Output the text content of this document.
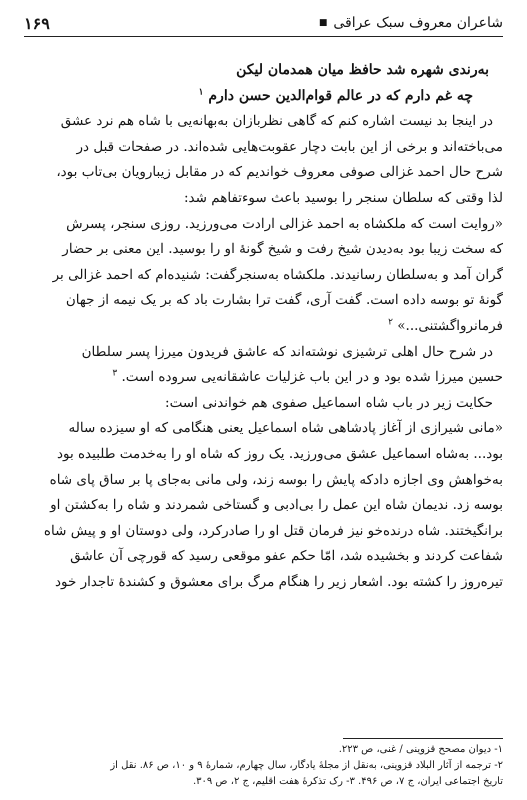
شاعران معروف سبک عراقی
■
۱۶۹
به‌رندی شهره شد حافظ میان همدمان لیکن
چه غم دارم که در عالم قوام‌الدین حسن دارم $^۱$
در اینجا بد نیست اشاره کنم که گاهی نظربازان به‌بهانه‌یی با شاه هم نرد عشق
می‌باخته‌اند و برخی از این بابت دچار عقوبت‌هایی شده‌اند. در صفحات قبل در
شرح حال احمد غزالی صوفی معروف خواندیم که در مقابل زیبارویان بی‌تاب بود،
لذا وقتی که سلطان سنجر را بوسید باعث سوءتفاهم شد:
«روایت است که ملکشاه به احمد غزالی ارادت می‌ورزید. روزی سنجر، پسرش
که سخت زیبا بود به‌دیدن شیخ رفت و شیخ گونهٔ او را بوسید. این معنی بر حضار
گران آمد و به‌سلطان رسانیدند. ملکشاه به‌سنجرگفت: شنیده‌ام که احمد غزالی بر
گونهٔ تو بوسه داده است. گفت آری، گفت ترا بشارت باد که بر یک نیمه از جهان
فرمانرواگشتنی...» $^۲$
در شرح حال اهلی ترشیزی نوشته‌اند که عاشق فریدون میرزا پسر سلطان
حسین میرزا شده بود و در این باب غزلیات عاشقانه‌یی سروده است. $^۳$
حکایت زیر در باب شاه اسماعیل صفوی هم خواندنی است:
«مانی شیرازی از آغاز پادشاهی شاه اسماعیل یعنی هنگامی که او سیزده ساله
بود... به‌شاه اسماعیل عشق می‌ورزید. یک روز که شاه او را به‌خدمت طلبیده بود
به‌خواهش وی اجازه دادکه پایش را بوسه زند، ولی مانی به‌جای پا بر ساق پای شاه
بوسه زد. ندیمان شاه این عمل را بی‌ادبی و گستاخی شمردند و شاه را به‌کشتن او
برانگیختند. شاه درنده‌خو نیز فرمان قتل او را صادرکرد، ولی دوستان او و پیش شاه
شفاعت کردند و بخشیده شد، امّا حکم عفو موقعی رسید که قورچی آن عاشق
تیره‌روز را کشته بود. اشعار زیر را هنگام مرگ برای معشوق و کشندهٔ تاجدار خود
۱- دیوان مصحح قزوینی / غنی، ص ۲۲۳.
۲- ترجمه از آثار البلاد قزوینی، به‌نقل از مجلهٔ یادگار، سال چهارم، شمارهٔ ۹ و ۱۰، ص ۸۶. نقل از
تاریخ اجتماعی ایران، ج ۷، ص ۴۹۶. ۳- رک تذکرهٔ هفت اقلیم، ج ۲، ص ۳۰۹.
